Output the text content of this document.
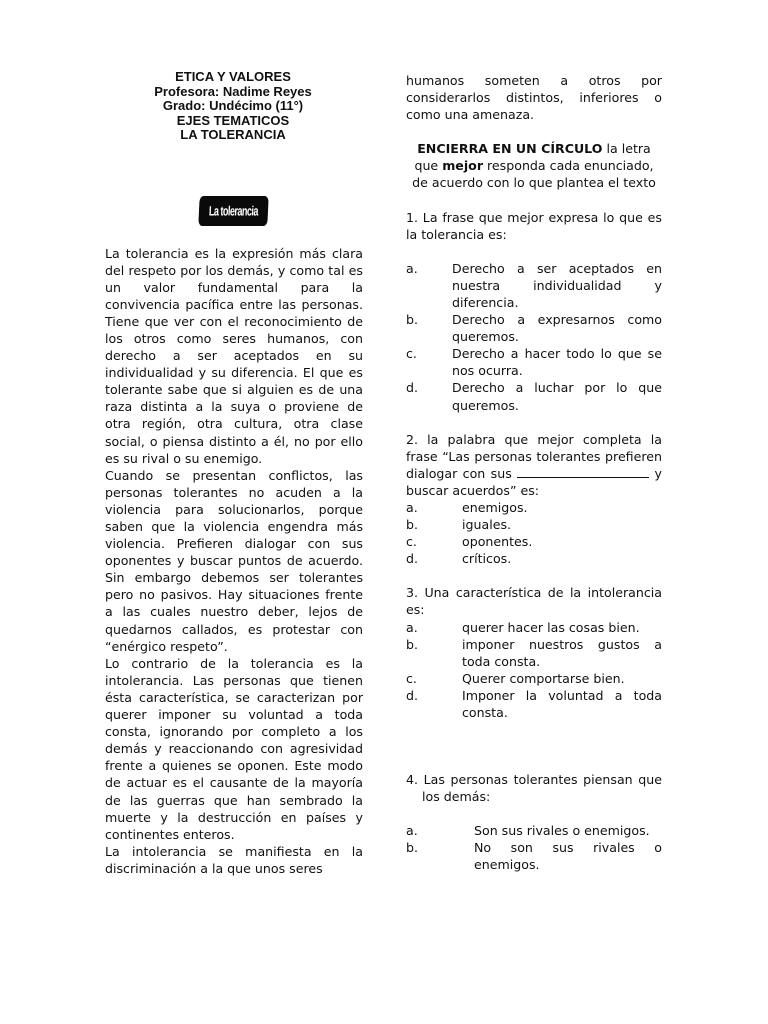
ETICA Y VALORES
Profesora: Nadime Reyes
Grado: Undécimo (11°)
EJES TEMATICOS
LA TOLERANCIA
La tolerancia

La tolerancia es la expresión más clara del respeto por los demás, y como tal es un valor fundamental para la convivencia pacífica entre las personas. Tiene que ver con el reconocimiento de los otros como seres humanos, con derecho a ser aceptados en su individualidad y su diferencia. El que es tolerante sabe que si alguien es de una raza distinta a la suya o proviene de otra región, otra cultura, otra clase social, o piensa distinto a él, no por ello es su rival o su enemigo.

Cuando se presentan conflictos, las personas tolerantes no acuden a la violencia para solucionarlos, porque saben que la violencia engendra más violencia. Prefieren dialogar con sus oponentes y buscar puntos de acuerdo. Sin embargo debemos ser tolerantes pero no pasivos. Hay situaciones frente a las cuales nuestro deber, lejos de quedarnos callados, es protestar con “enérgico respeto”.

Lo contrario de la tolerancia es la intolerancia. Las personas que tienen ésta característica, se caracterizan por querer imponer su voluntad a toda consta, ignorando por completo a los demás y reaccionando con agresividad frente a quienes se oponen. Este modo de actuar es el causante de la mayoría de las guerras que han sembrado la muerte y la destrucción en países y continentes enteros.

La intolerancia se manifiesta en la discriminación a la que unos seres

humanos someten a otros por considerarlos distintos, inferiores o como una amenaza.

ENCIERRA EN UN CÍRCULO la letra que mejor responda cada enunciado, de acuerdo con lo que plantea el texto

1. La frase que mejor expresa lo que es la tolerancia es:

a.	Derecho a ser aceptados en nuestra individualidad y diferencia.
b.	Derecho a expresarnos como queremos.
c.	Derecho a hacer todo lo que se nos ocurra.
d.	Derecho a luchar por lo que queremos.

2. la palabra que mejor completa la frase “Las personas tolerantes prefieren dialogar con sus	y buscar acuerdos” es:

a.	enemigos.
b.	iguales.
c.	oponentes.
d.	críticos.

3. Una característica de la intolerancia es:

a.	querer hacer las cosas bien.
b.	imponer nuestros gustos a toda consta.
c.	Querer comportarse bien.
d.	Imponer la voluntad a toda consta.

4. Las personas tolerantes piensan que los demás:

a.	Son sus rivales o enemigos.
b.	No son sus rivales o enemigos.
